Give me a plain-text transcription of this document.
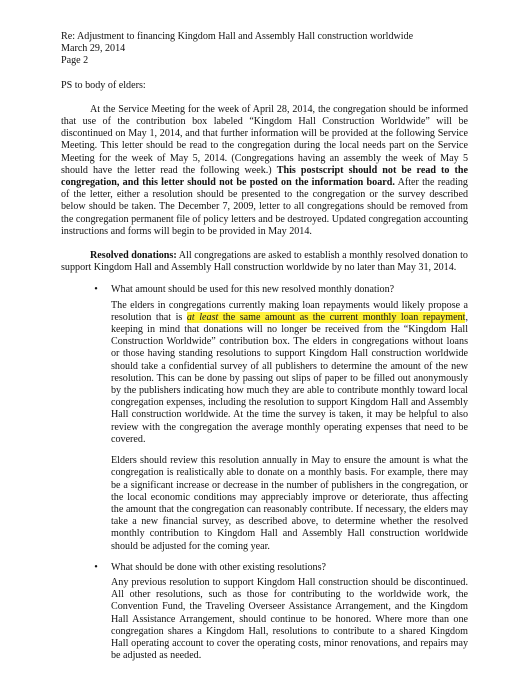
Re: Adjustment to financing Kingdom Hall and Assembly Hall construction worldwide
March 29, 2014
Page 2

PS to body of elders:

At the Service Meeting for the week of April 28, 2014, the congregation should be informed that use of the contribution box labeled “Kingdom Hall Construction Worldwide” will be discontinued on May 1, 2014, and that further information will be provided at the following Service Meeting. This letter should be read to the congregation during the local needs part on the Service Meeting for the week of May 5, 2014. (Congregations having an assembly the week of May 5 should have the letter read the following week.) This postscript should not be read to the congregation, and this letter should not be posted on the information board. After the reading of the letter, either a resolution should be presented to the congregation or the survey described below should be taken. The December 7, 2009, letter to all congregations should be removed from the congregation permanent file of policy letters and be destroyed. Updated congregation accounting instructions and forms will begin to be provided in May 2014.

Resolved donations: All congregations are asked to establish a monthly resolved donation to support Kingdom Hall and Assembly Hall construction worldwide by no later than May 31, 2014.

•	What amount should be used for this new resolved monthly donation?

The elders in congregations currently making loan repayments would likely propose a resolution that is at least the same amount as the current monthly loan repayment, keeping in mind that donations will no longer be received from the “Kingdom Hall Construction Worldwide” contribution box. The elders in congregations without loans or those having standing resolutions to support Kingdom Hall construction worldwide should take a confidential survey of all publishers to determine the amount of the new resolution. This can be done by passing out slips of paper to be filled out anonymously by the publishers indicating how much they are able to contribute monthly toward local congregation expenses, including the resolution to support Kingdom Hall and Assembly Hall construction worldwide. At the time the survey is taken, it may be helpful to also review with the congregation the average monthly operating expenses that need to be covered.

Elders should review this resolution annually in May to ensure the amount is what the congregation is realistically able to donate on a monthly basis. For example, there may be a significant increase or decrease in the number of publishers in the congregation, or the local economic conditions may appreciably improve or deteriorate, thus affecting the amount that the congregation can reasonably contribute. If necessary, the elders may take a new financial survey, as described above, to determine whether the resolved monthly contribution to Kingdom Hall and Assembly Hall construction worldwide should be adjusted for the coming year.

•	What should be done with other existing resolutions?

Any previous resolution to support Kingdom Hall construction should be discontinued. All other resolutions, such as those for contributing to the worldwide work, the Convention Fund, the Traveling Overseer Assistance Arrangement, and the Kingdom Hall Assistance Arrangement, should continue to be honored. Where more than one congregation shares a Kingdom Hall, resolutions to contribute to a shared Kingdom Hall operating account to cover the operating costs, minor renovations, and repairs may be adjusted as needed.
